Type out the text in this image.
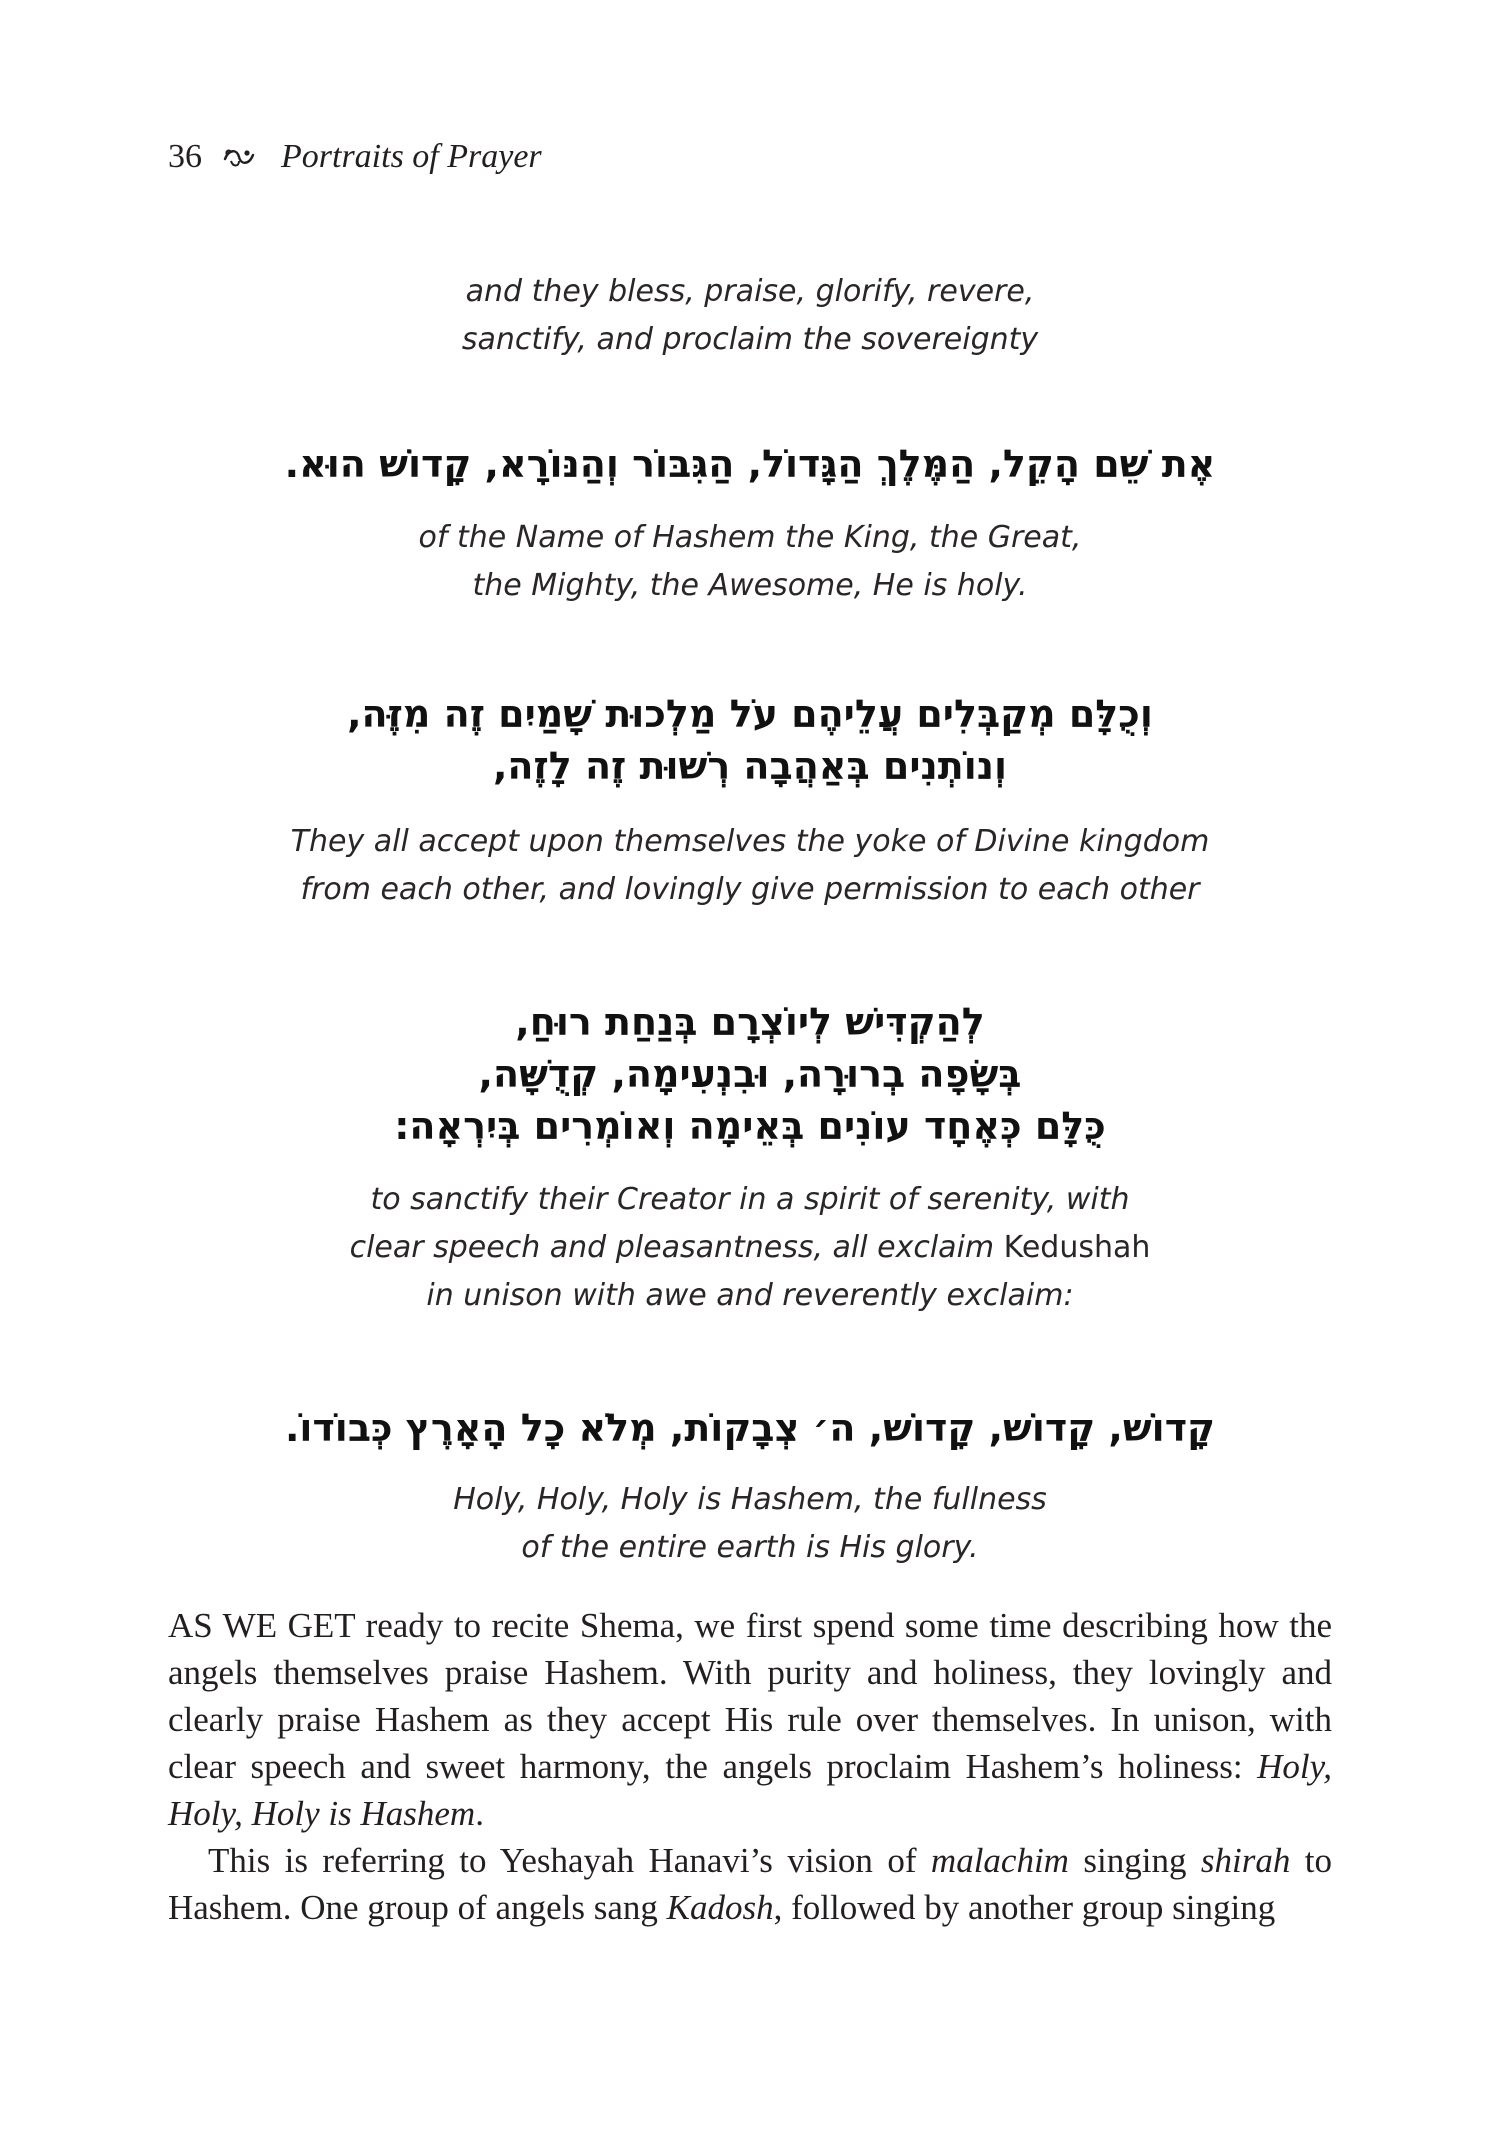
36 Portraits of Prayer
and they bless, praise, glorify, revere,
sanctify, and proclaim the sovereignty
אֶת שֵׁם הָקֵל, הַמֶּלֶךְ הַגָּדוֹל, הַגִּבּוֹר וְהַנּוֹרָא, קָדוֹשׁ הוּא.
of the Name of Hashem the King, the Great,
the Mighty, the Awesome, He is holy.
וְכֻלָּם מְקַבְּלִים עֲלֵיהֶם עֹל מַלְכוּת שָׁמַיִם זֶה מִזֶּה,
וְנוֹתְנִים בְּאַהֲבָה רְשׁוּת זֶה לָזֶה,
They all accept upon themselves the yoke of Divine kingdom
from each other, and lovingly give permission to each other
לְהַקְדִּישׁ לְיוֹצְרָם בְּנַחַת רוּחַ,
בְּשָׂפָה בְרוּרָה, וּבִנְעִימָה, קְדֻשָּׁה,
כֻּלָּם כְּאֶחָד עוֹנִים בְּאֵימָה וְאוֹמְרִים בְּיִרְאָה:
to sanctify their Creator in a spirit of serenity, with
clear speech and pleasantness, all exclaim Kedushah
in unison with awe and reverently exclaim:
קָדוֹשׁ, קָדוֹשׁ, קָדוֹשׁ, ה׳ צְבָקוֹת, מְלֹא כָל הָאָרֶץ כְּבוֹדוֹ.
Holy, Holy, Holy is Hashem, the fullness
of the entire earth is His glory.

AS WE GET ready to recite Shema, we first spend some time describing how the angels themselves praise Hashem. With purity and holiness, they lovingly and clearly praise Hashem as they accept His rule over themselves. In unison, with clear speech and sweet harmony, the angels proclaim Hashem’s holiness: Holy, Holy, Holy is Hashem.

This is referring to Yeshayah Hanavi’s vision of malachim singing shirah to Hashem. One group of angels sang Kadosh, followed by another group singing
